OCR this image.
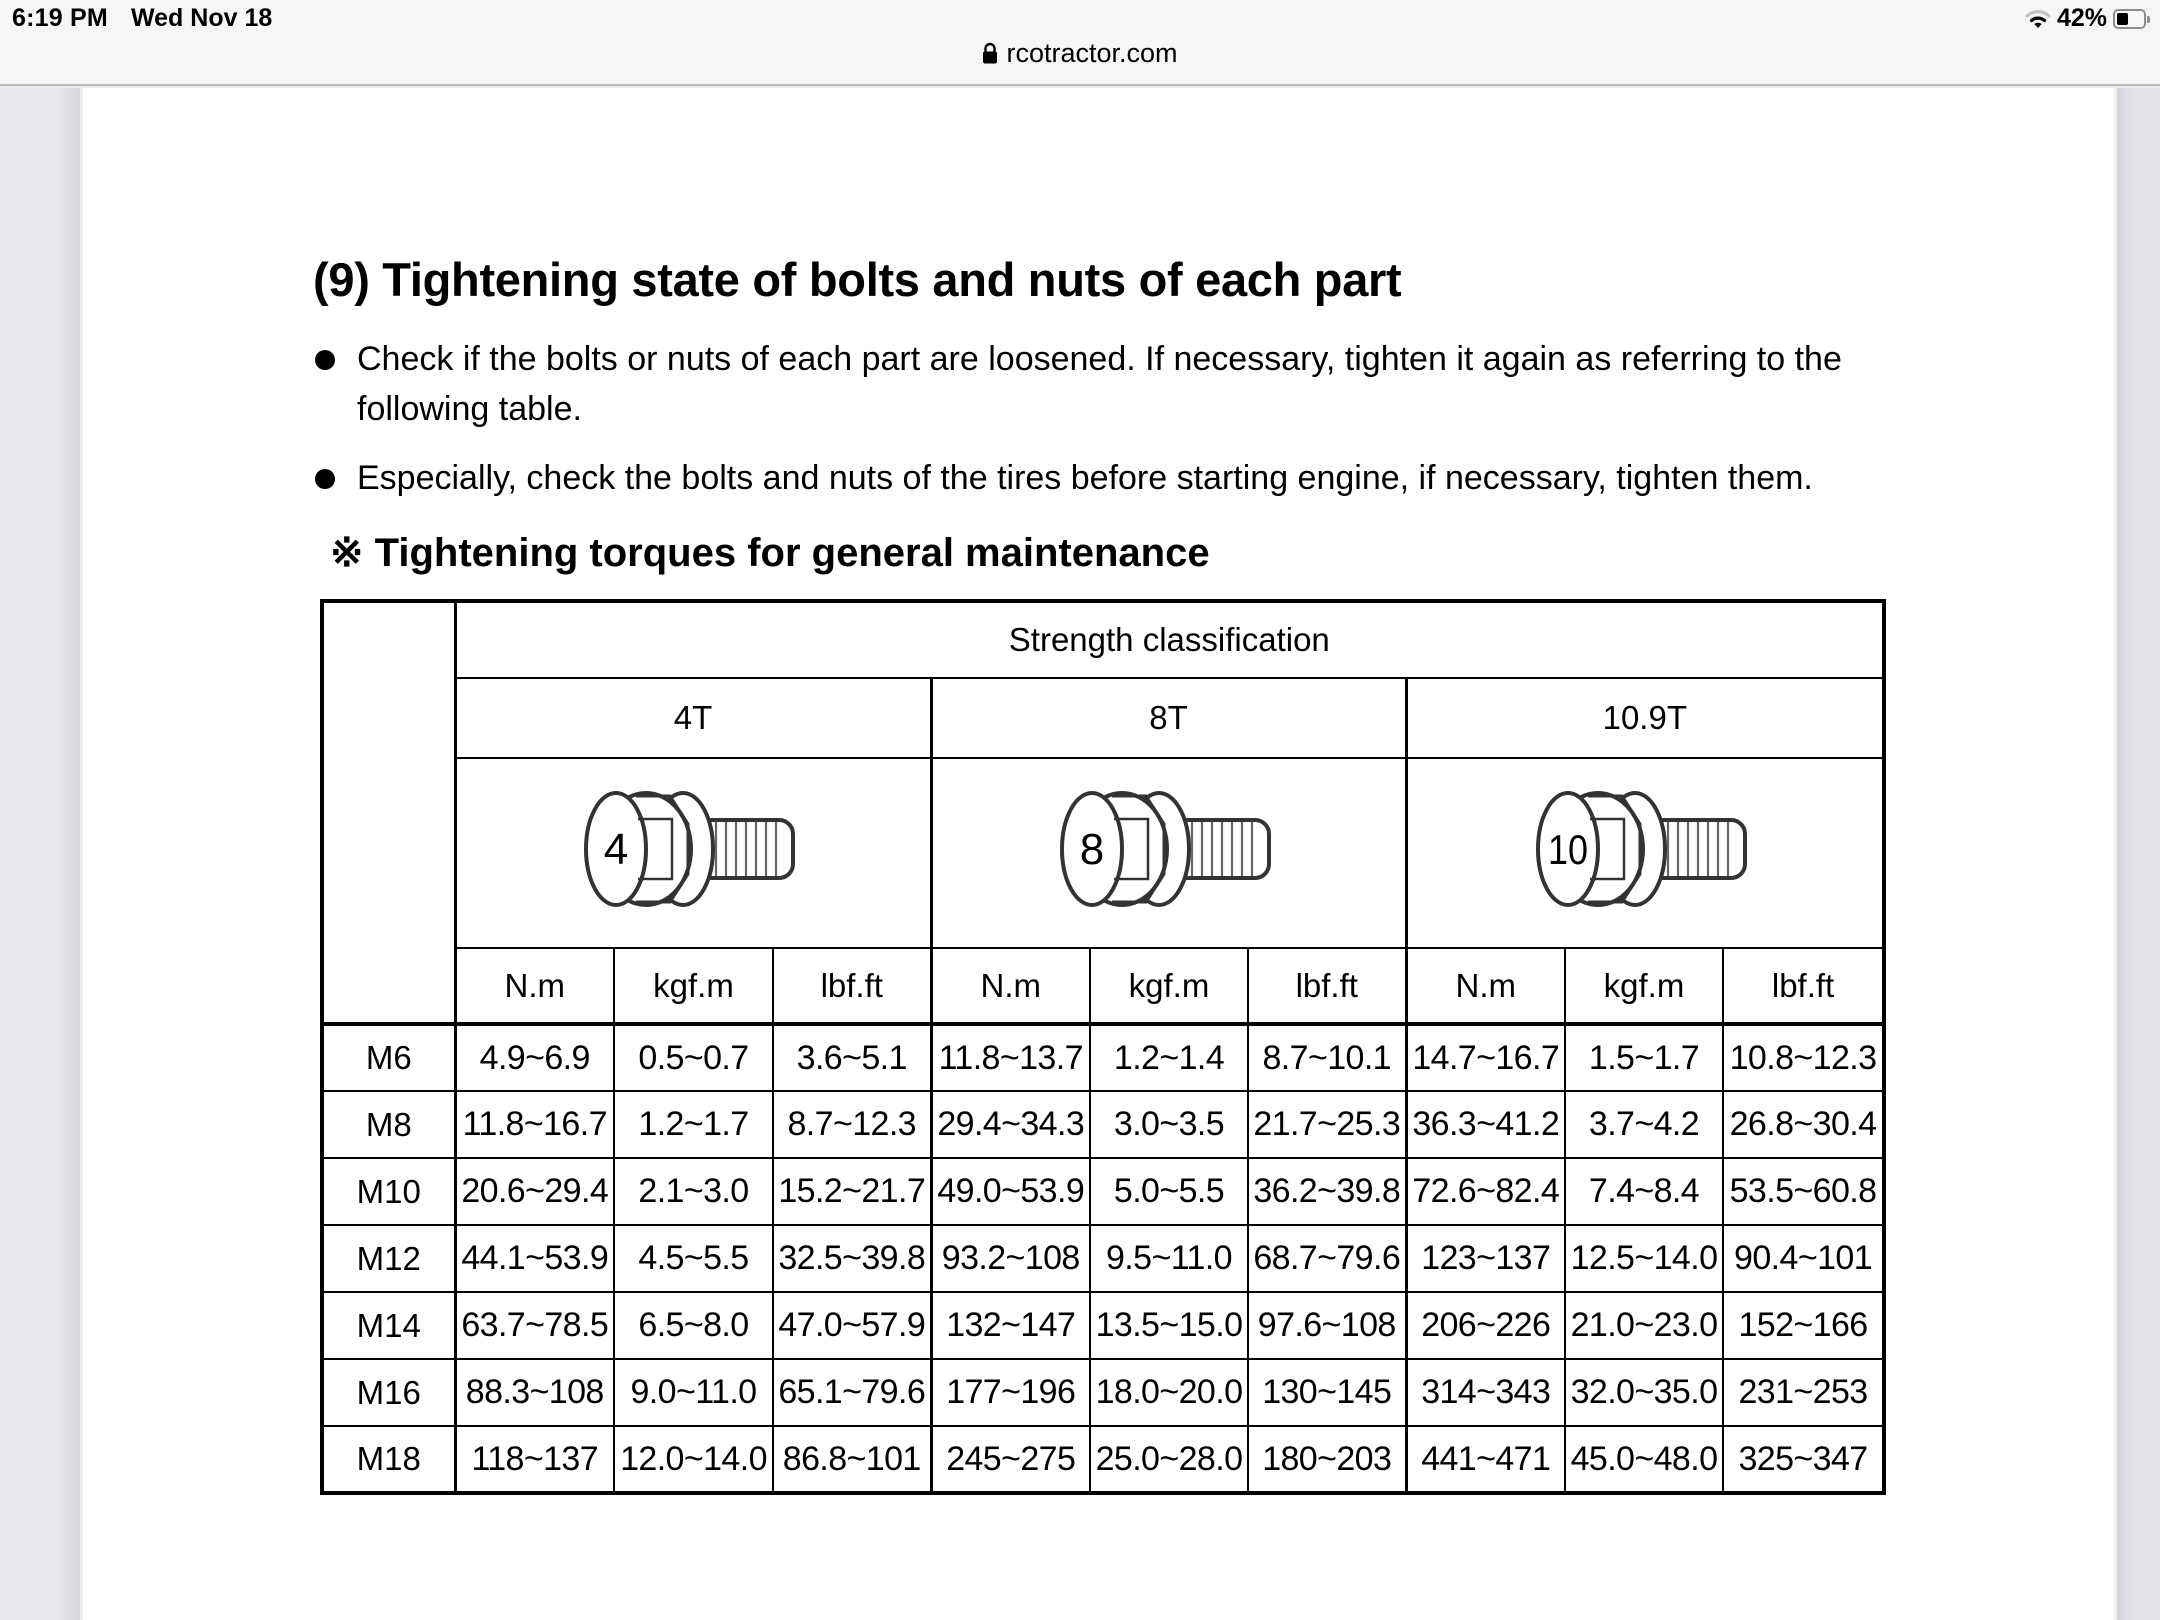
6:19 PM Wed Nov 18	42%
rcotractor.com
(9) Tightening state of bolts and nuts of each part
Check if the bolts or nuts of each part are loosened. If necessary, tighten it again as referring to the following table.
Especially, check the bolts and nuts of the tires before starting engine, if necessary, tighten them.
※ Tightening torques for general maintenance
	Strength classification								
	4T			8T			10.9T		

4			8			10		

	N.m	kgf.m	lbf.ft	N.m	kgf.m	lbf.ft	N.m	kgf.m	lbf.ft
M6	4.9~6.9	0.5~0.7	3.6~5.1	11.8~13.7	1.2~1.4	8.7~10.1	14.7~16.7	1.5~1.7	10.8~12.3
M8	11.8~16.7	1.2~1.7	8.7~12.3	29.4~34.3	3.0~3.5	21.7~25.3	36.3~41.2	3.7~4.2	26.8~30.4
M10	20.6~29.4	2.1~3.0	15.2~21.7	49.0~53.9	5.0~5.5	36.2~39.8	72.6~82.4	7.4~8.4	53.5~60.8
M12	44.1~53.9	4.5~5.5	32.5~39.8	93.2~108	9.5~11.0	68.7~79.6	123~137	12.5~14.0	90.4~101
M14	63.7~78.5	6.5~8.0	47.0~57.9	132~147	13.5~15.0	97.6~108	206~226	21.0~23.0	152~166
M16	88.3~108	9.0~11.0	65.1~79.6	177~196	18.0~20.0	130~145	314~343	32.0~35.0	231~253
M18	118~137	12.0~14.0	86.8~101	245~275	25.0~28.0	180~203	441~471	45.0~48.0	325~347
